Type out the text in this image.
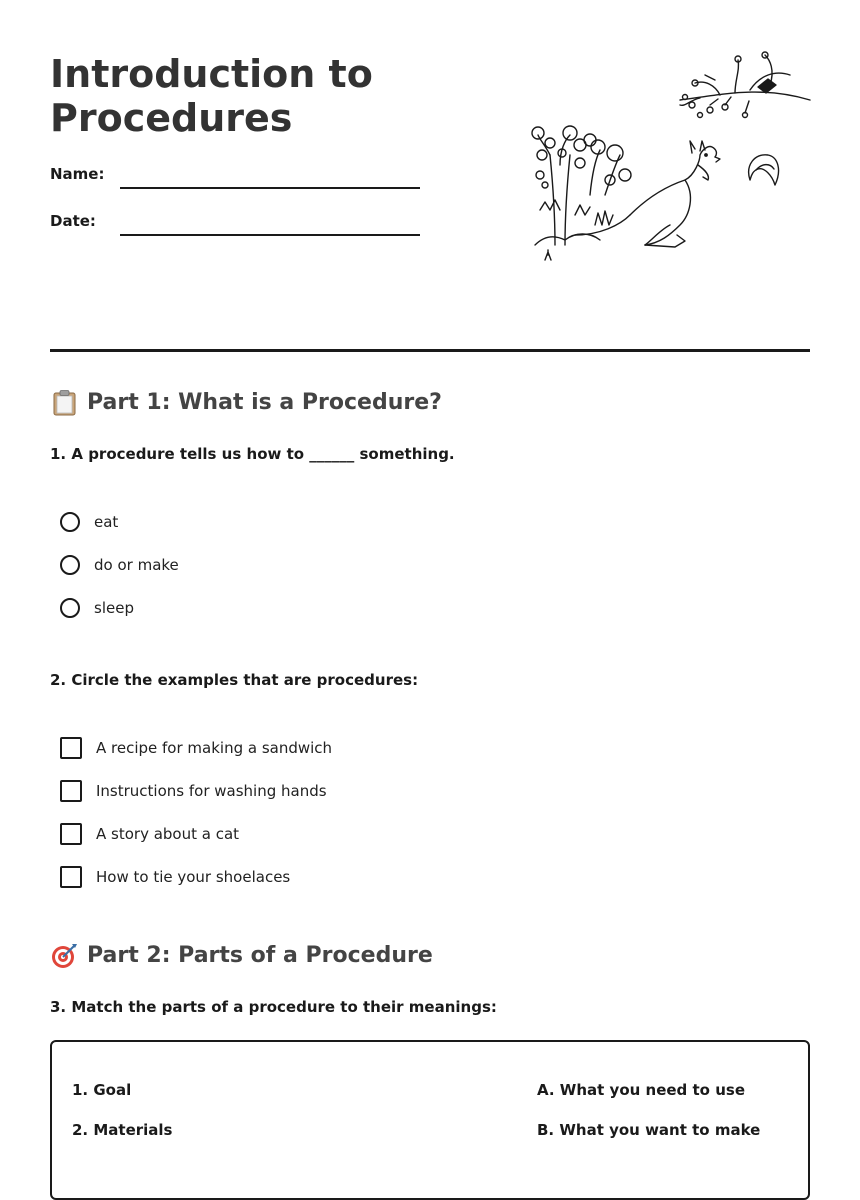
Introduction to
Procedures
Name:
Date:
Part 1: What is a Procedure?

1. A procedure tells us how to ______ something.

eat
do or make
sleep

2. Circle the examples that are procedures:

A recipe for making a sandwich
Instructions for washing hands
A story about a cat
How to tie your shoelaces
Part 2: Parts of a Procedure

3. Match the parts of a procedure to their meanings:

1. Goal
2. Materials
A. What you need to use
B. What you want to make
